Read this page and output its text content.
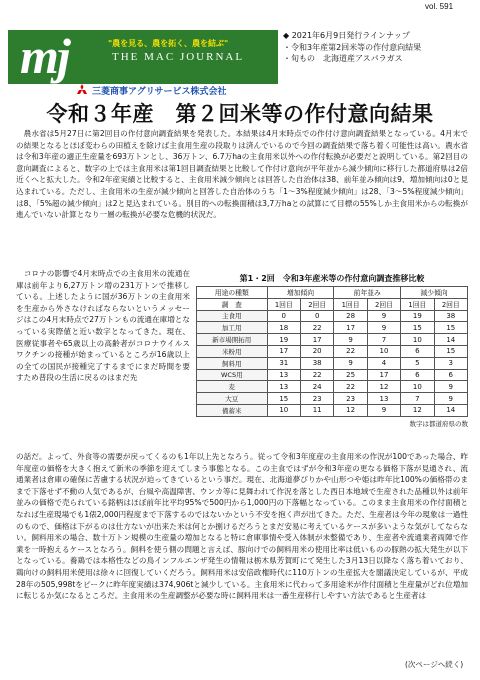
vol. 591
mj	"農を見る、農を拓く、農を結ぶ"
THE MAC JOURNAL
三菱商事アグリサービス株式会社
◆ 2021年6月9日発行ラインナップ
・令和3年産第2回米等の作付意向結果
・旬もの　北海道産アスパラガス
令和３年産　第２回米等の作付意向結果
　農水省は5月27日に第2回目の作付意向調査結果を発表した。本結果は4月末時点での作付け意向調査結果となっている。4月末での結果となるとほぼ変わらの田植えを除けば主食用生産の段取りは済んでいるので今回の調査結果で落ち着く可能性は高い。農水省は令和3年産の適正生産量を693万トンとし、36万トン、6.7万haの主食用米以外への作付転換が必要だと説明している。第2回目の意向調査によると、数字の上では主食用米は第1回目調査結果と比較して作付け意向が平年並から減少傾向に移行した都道府県は2倍近くへと拡大した。令和2年産実績と比較すると、主食用米減少傾向とは回答した自治体は38、前年並み傾向は9、増加傾向は0と見込まれている。ただし、主食用米の生産が減少傾向と回答した自治体のうち「1〜3%程度減少傾向」は28、「3〜5%程度減少傾向」は8、「5%超の減少傾向」は2と見込まれている。別目的への転換面積は3,7万haとの試算にて目標の55%しか主食用米からの転換が進んでいない計算となり一層の転換が必要な危機的状況だ。
　コロナの影響で4月末時点での主食用米の流通在庫は前年より6,27万トン増の231万トンで推移している。上述したように国が36万トンの主食用米を生産から外さなければならないというメッセージはこの4月末時点で27万トンもの流通在庫増となっている実際値と近い数字となってきた。現在、医療従事者や65歳以上の高齢者がコロナウイルスワクチンの接種が始まっているところが16歳以上の全ての国民が接種完了するまでにまだ時間を要すため普段の生活に戻るのはまだ先
第1・2回　令和3年産米等の作付意向調査推移比較
用途の種類	増加傾向		前年並み		減少傾向	
調　査	1回目	2回目	1回目	2回目	1回目	2回目
主食用	0	0	28	9	19	38
加工用	18	22	17	9	15	15
新市場開拓用	19	17	9	7	10	14
米粉用	17	20	22	10	6	15
飼料用	31	38	9	4	5	3
WCS用	13	22	25	17	6	6
麦	13	24	22	12	10	9
大豆	15	23	23	13	7	9
備蓄米	10	11	12	9	12	14
数字は都道府県の数
の話だ。よって、外食等の需要が戻ってくるのも1年以上先となろう。従って令和3年度産の主食用米の作況が100であった場合、昨年度産の価格を大きく抱えて新米の季節を迎えてしまう事態となる。この主食ではずが令和3年産の更なる価格下落が見通され、流通業者は倉庫の確保に苦慮する状況が迫ってきているという事だ。現在、北海道夢ぴりかや山形つや姫は昨年比100%の価格帯のままで下落せず不動の人気であるが、台風や高温障害、ウンカ等に見舞われて作況を落とした西日本地域で生産された品種以外は前年並みの価格で売られている銘柄はほぼ前年比平均95%で500円から1,000円の下落幅となっている。このまま主食用米の作付面積となれば生産現場でも1俵2,000円程度まで下落するのではないかという不安を抱く声が出てきた。ただ、生産者は今年の現象は一過性のもので、価格は下がるのは仕方ないが出来た米は何とか捌けるだろうとまだ安易に考えているケースが多いような気がしてならない。飼料用米の場合、数十万トン規模の生産量の増加となると特に倉庫事情や受入体制が未整備であり、生産者や流通業者両陣で作業を一時抱えるケースとなろう。飼料を使う側の問題と言えば、豚向けでの飼料用米の使用比率は低いものの豚熱の拡大発生が以下となっている。養鶏では本格性などの鳥インフルエンザ発生の情報は栃木県芳賀町にて発生した3月13日以降なく落ち着いており、鶏向けの飼料用米使用は徐々に回復していくだろう。飼料用米は安倍政権時代に110万トンの生産拡大を閣議決定しているが、平成28年の505,998tをピークに昨年度実績は374,906tと減少している。主食用米に代わって多用途米が作付面積と生産量がどれ位増加に転じるか気になるところだ。主食用米の生産調整が必要な時に飼料用米は一番生産移行しやすい方法であると生産者は
(次ページへ続く)
